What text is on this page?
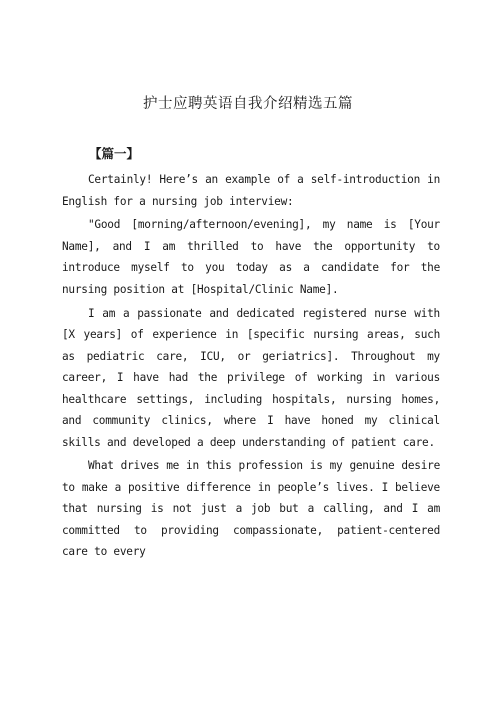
护士应聘英语自我介绍精选五篇
【篇一】

Certainly! Here’s an example of a self-introduction in English for a nursing job interview:

"Good [morning/afternoon/evening], my name is [Your Name], and I am thrilled to have the opportunity to introduce myself to you today as a candidate for the nursing position at [Hospital/Clinic Name].

I am a passionate and dedicated registered nurse with [X years] of experience in [specific nursing areas, such as pediatric care, ICU, or geriatrics]. Throughout my career, I have had the privilege of working in various healthcare settings, including hospitals, nursing homes, and community clinics, where I have honed my clinical skills and developed a deep understanding of patient care.

What drives me in this profession is my genuine desire to make a positive difference in people’s lives. I believe that nursing is not just a job but a calling, and I am committed to providing compassionate, patient-centered care to every
